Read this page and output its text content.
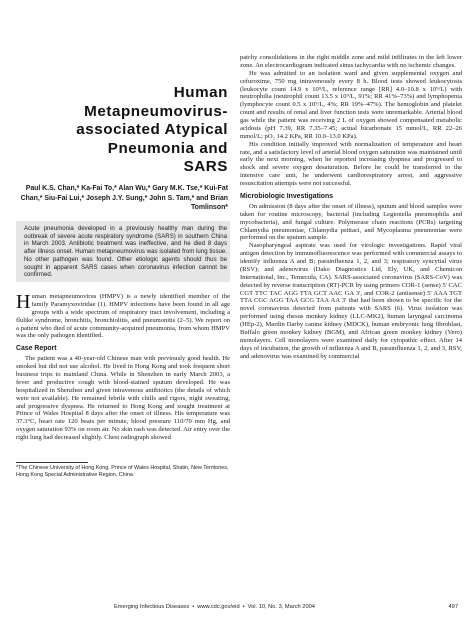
Human
Metapneumovirus-
associated Atypical
Pneumonia and
SARS
Paul K.S. Chan,* Ka-Fai To,* Alan Wu,* Gary M.K. Tse,* Kui-Fat Chan,* Siu-Fai Lui,* Joseph J.Y. Sung,* John S. Tam,* and Brian Tomlinson*
Acute pneumonia developed in a previously healthy man during the outbreak of severe acute respiratory syndrome (SARS) in southern China in March 2003. Antibiotic treatment was ineffective, and he died 8 days after illness onset. Human metapneumovirus was isolated from lung tissue. No other pathogen was found. Other etiologic agents should thus be sought in apparent SARS cases when coronavirus infection cannot be confirmed.

Human metapneumovirus (HMPV) is a newly identified member of the family Paramyxoviridae (1). HMPV infections have been found in all age groups with a wide spectrum of respiratory tract involvement, including a flulike syndrome, bronchitis, bronchiolitis, and pneumonitis (2–5). We report on a patient who died of acute community-acquired pneumonia, from whom HMPV was the only pathogen identified.

Case Report

The patient was a 40-year-old Chinese man with previously good health. He smoked but did not use alcohol. He lived in Hong Kong and took frequent short business trips to mainland China. While in Shenzhen in early March 2003, a fever and productive cough with blood-stained sputum developed. He was hospitalized in Shenzhen and given intravenous antibiotics (the details of which were not available). He remained febrile with chills and rigors, night sweating, and progressive dyspnea. He returned to Hong Kong and sought treatment at Prince of Wales Hospital 8 days after the onset of illness. His temperature was 37.3°C, heart rate 120 beats per minute, blood pressure 110/70 mm Hg, and oxygen saturation 93% on room air. No skin rash was detected. Air entry over the right lung had decreased slightly. Chest radiograph showed

*The Chinese University of Hong Kong, Prince of Wales Hospital, Shatin, New Territories, Hong Kong Special Administrative Region, China

patchy consolidations in the right middle zone and mild infiltrates in the left lower zone. An electrocardiogram indicated sinus tachycardia with no ischemic changes.

He was admitted to an isolation ward and given supplemental oxygen and cefuroxime, 750 mg intravenously every 8 h. Blood tests showed leukocytosis (leukocyte count 14.9 x 10⁹/L, reference range [RR] 4.0–10.8 x 10⁹/L) with neutrophilia (neutrophil count 13.5 x 10⁹/L, 91%; RR 41%–73%) and lymphopenia (lymphocyte count 0.5 x 10⁹/L, 4%; RR 19%–47%). The hemoglobin and platelet count and results of renal and liver function tests were unremarkable. Arterial blood gas while the patient was receiving 2 L of oxygen showed compensated metabolic acidosis (pH 7.39, RR 7.35–7.45; actual bicarbonate 15 mmol/L, RR 22–26 mmol/L; pO₂ 14.2 KPa, RR 10.0–13.0 KPa).

His condition initially improved with normalization of temperature and heart rate, and a satisfactory level of arterial blood oxygen saturation was maintained until early the next morning, when he reported increasing dyspnea and progressed to shock and severe oxygen desaturation. Before he could be transferred to the intensive care unit, he underwent cardiorespiratory arrest, and aggressive resuscitation attempts were not successful.

Microbiologic Investigations

On admission (8 days after the onset of illness), sputum and blood samples were taken for routine microscopy, bacterial (including Legionella pneumophila and mycobacteria), and fungal culture. Polymerase chain reactions (PCRs) targeting Chlamydia pneumoniae, Chlamydia psittaci, and Mycoplasma pneumoniae were performed on the sputum sample.

Nasopharyngeal aspirate was used for virologic investigations. Rapid viral antigen detection by immunofluorescence was performed with commercial assays to identify influenza A and B; parainfluenza 1, 2, and 3; respiratory syncytial virus (RSV); and adenovirus (Dako Diagnostics Ltd, Ely, UK, and Chemicon International, Inc., Temecula, CA). SARS-associated coronavirus (SARS-CoV) was detected by reverse transcription (RT)-PCR by using primers COR-1 (sense) 5' CAC CGT TTC TAC AGG TTA GCT AAC GA 3', and COR-2 (antisense) 5' AAA TGT TTA CGC AGG TAA GCG TAA AA 3' that had been shown to be specific for the novel coronavirus detected from patients with SARS (6). Virus isolation was performed using rhesus monkey kidney (LLC-MK2), human laryngeal carcinoma (HEp-2), Mardin Darby canine kidney (MDCK), human embryonic lung fibroblast, Buffalo green monkey kidney (BGM), and African green monkey kidney (Vero) monolayers. Cell monolayers were examined daily for cytopathic effect. After 14 days of incubation, the growth of influenza A and B, parainfluenza 1, 2, and 3, RSV, and adenovirus was examined by commercial

Emerging Infectious Diseases • www.cdc.gov/eid • Vol. 10, No. 3, March 2004	497
